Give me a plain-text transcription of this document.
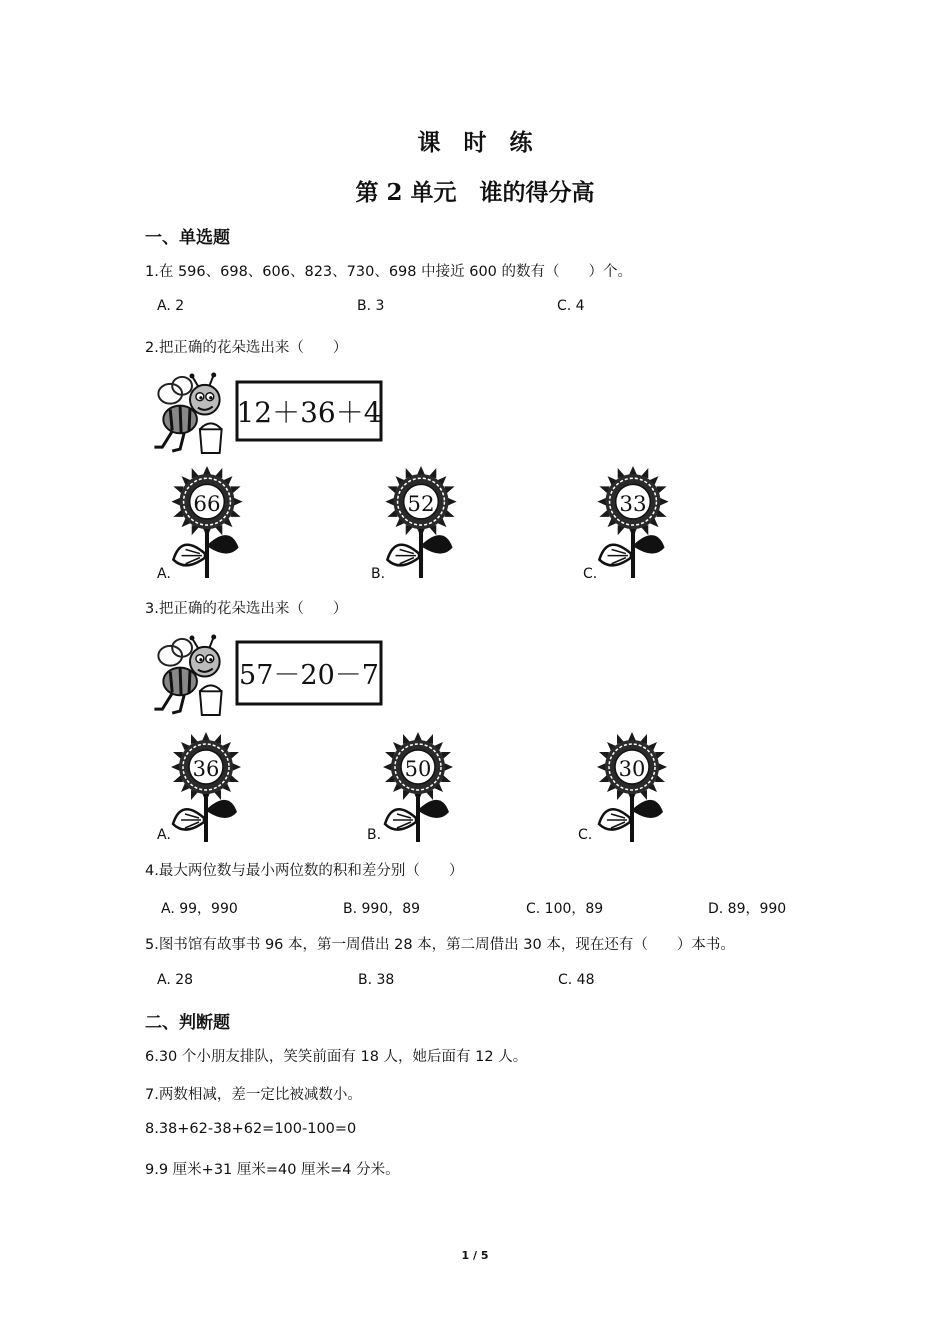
课　时　练
第 2 单元　谁的得分高
一、单选题
1.在 596、698、606、823、730、698 中接近 600 的数有（　　）个。
A. 2	B. 3	C. 4
2.把正确的花朵选出来（　　）
12＋36＋4
66	52	33
A.	B.	C.
3.把正确的花朵选出来（　　）
57－20－7
36	50	30
A.	B.	C.
4.最大两位数与最小两位数的积和差分别（　　）
A. 99，990	B. 990，89	C. 100，89	D. 89，990
5.图书馆有故事书 96 本，第一周借出 28 本，第二周借出 30 本，现在还有（　　）本书。
A. 28	B. 38	C. 48
二、判断题
6.30 个小朋友排队，笑笑前面有 18 人，她后面有 12 人。
7.两数相减，差一定比被减数小。
8.38+62-38+62=100-100=0
9.9 厘米+31 厘米=40 厘米=4 分米。
1 / 5
